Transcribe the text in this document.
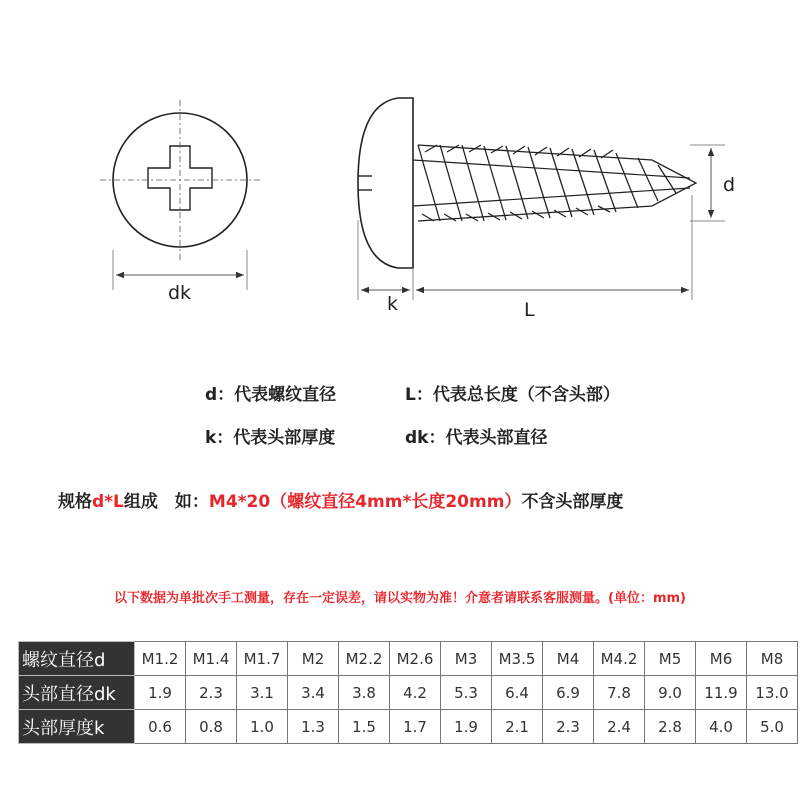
dk
d
k	L
d：代表螺纹直径	L：代表总长度（不含头部）
k：代表头部厚度	dk：代表头部直径
规格d*L组成　如：M4*20（螺纹直径4mm*长度20mm）不含头部厚度
以下数据为单批次手工测量，存在一定误差，请以实物为准！介意者请联系客服测量。(单位：mm)
螺纹直径d	M1.2	M1.4	M1.7	M2	M2.2	M2.6	M3	M3.5	M4	M4.2	M5	M6	M8
头部直径dk	1.9	2.3	3.1	3.4	3.8	4.2	5.3	6.4	6.9	7.8	9.0	11.9	13.0
头部厚度k	0.6	0.8	1.0	1.3	1.5	1.7	1.9	2.1	2.3	2.4	2.8	4.0	5.0
